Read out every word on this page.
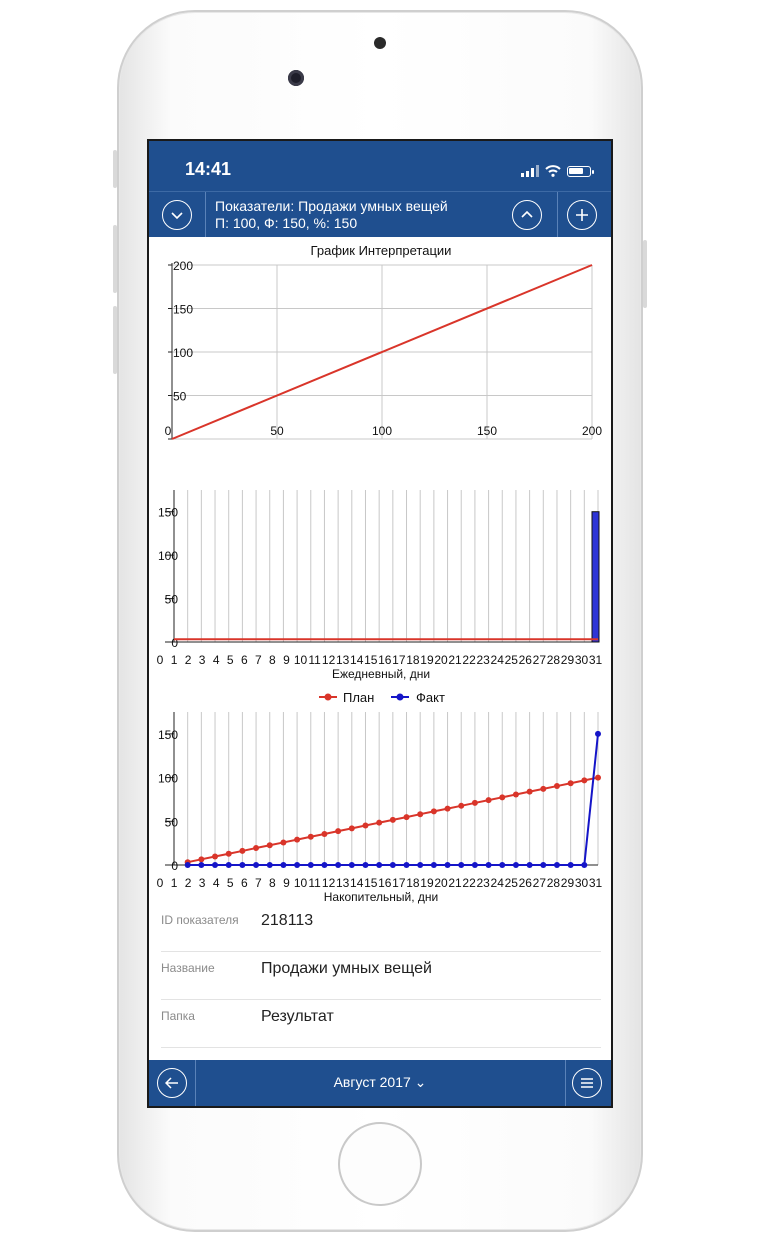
14:41
Показатели: Продажи умных вещей
П: 100, Ф: 150, %: 150
График Интерпретации
50
100
150
200
0	50	100	150	200
0
50
100
150
0 1 2 3 4 5 6 7 8 9 10 11 12 13 14 15 16 17 18 19 20 21 22 23 24 25 26 27 28 29 30 31
Ежедневный, дни
План	Факт
0
50
100
150
0 1 2 3 4 5 6 7 8 9 10 11 12 13 14 15 16 17 18 19 20 21 22 23 24 25 26 27 28 29 30 31
Накопительный, дни
ID показателя 218113
Название	Продажи умных вещей
Папка	Результат
Август 2017 ⌄
